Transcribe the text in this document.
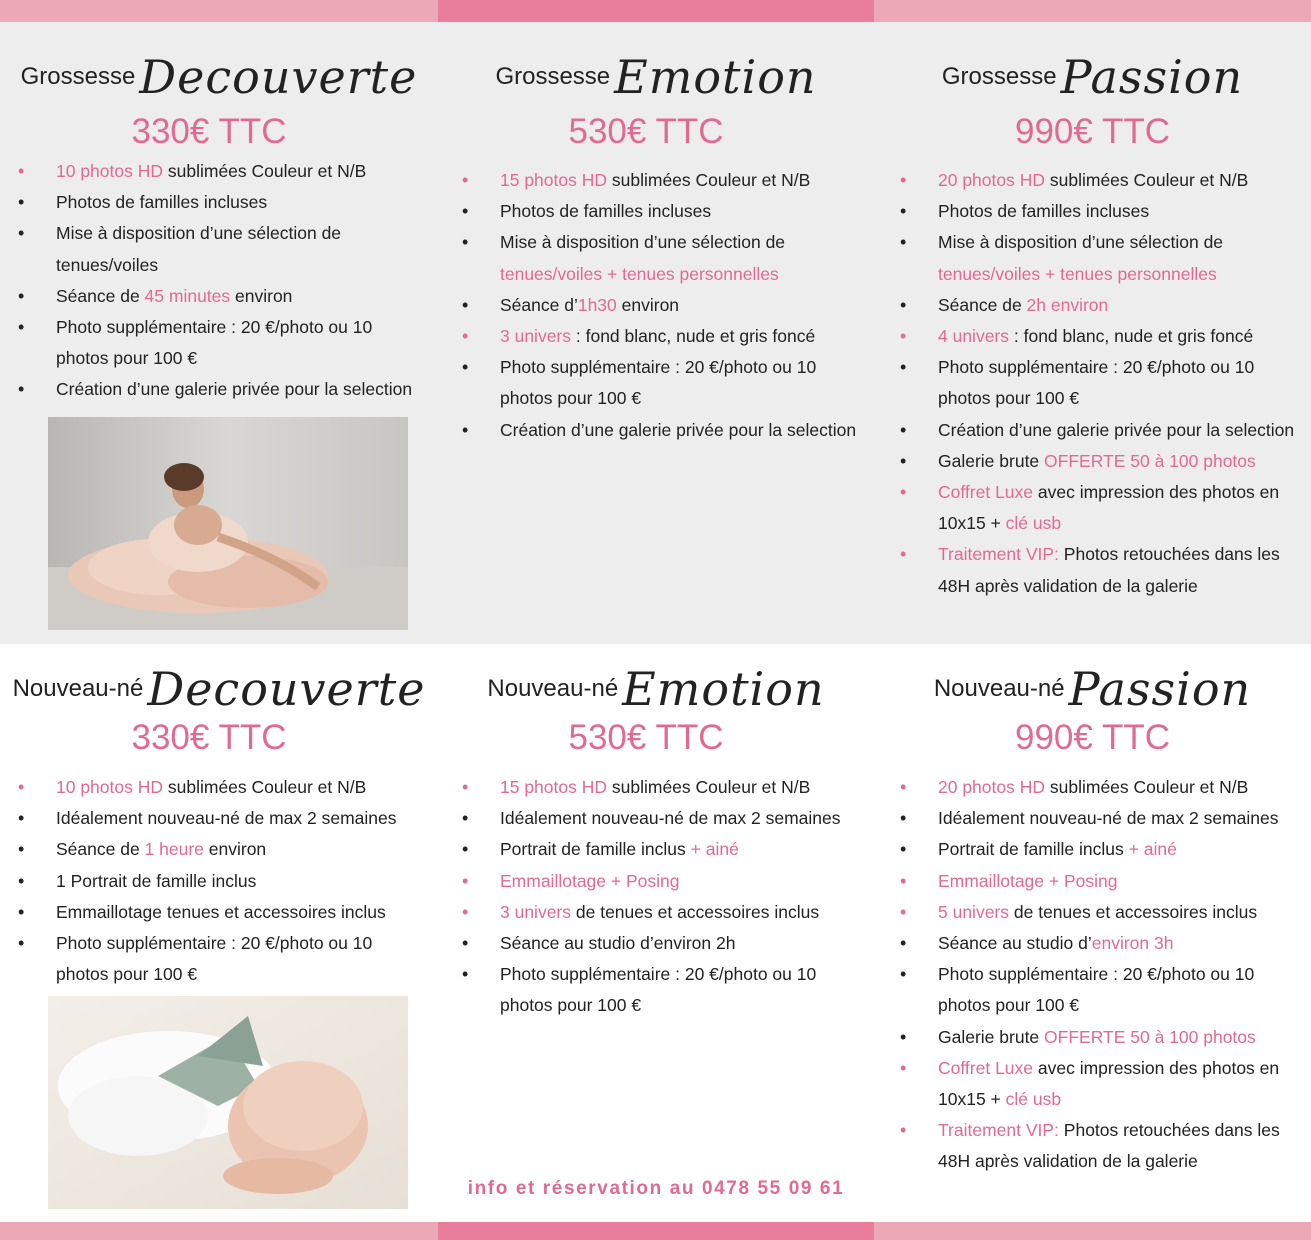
GrossesseDecouverte
330€ TTC
• 10 photos HD sublimées Couleur et N/B
• Photos de familles incluses
• Mise à disposition d’une sélection de tenues/voiles
• Séance de 45 minutes environ
• Photo supplémentaire : 20 €/photo ou 10 photos pour 100 €
• Création d’une galerie privée pour la selection
GrossesseEmotion
530€ TTC
• 15 photos HD sublimées Couleur et N/B
• Photos de familles incluses
• Mise à disposition d’une sélection de tenues/voiles + tenues personnelles
• Séance d’1h30 environ
• 3 univers : fond blanc, nude et gris foncé
• Photo supplémentaire : 20 €/photo ou 10 photos pour 100 €
• Création d’une galerie privée pour la selection
GrossessePassion
990€ TTC
• 20 photos HD sublimées Couleur et N/B
• Photos de familles incluses
• Mise à disposition d’une sélection de tenues/voiles + tenues personnelles
• Séance de 2h environ
• 4 univers : fond blanc, nude et gris foncé
• Photo supplémentaire : 20 €/photo ou 10 photos pour 100 €
• Création d’une galerie privée pour la selection
• Galerie brute OFFERTE 50 à 100 photos
• Coffret Luxe avec impression des photos en 10x15 + clé usb
• Traitement VIP: Photos retouchées dans les 48H après validation de la galerie
Nouveau-néDecouverte
330€ TTC
• 10 photos HD sublimées Couleur et N/B
• Idéalement nouveau-né de max 2 semaines
• Séance de 1 heure environ
• 1 Portrait de famille inclus
• Emmaillotage tenues et accessoires inclus
• Photo supplémentaire : 20 €/photo ou 10 photos pour 100 €
Nouveau-néEmotion
530€ TTC
• 15 photos HD sublimées Couleur et N/B
• Idéalement nouveau-né de max 2 semaines
• Portrait de famille inclus + ainé
• Emmaillotage + Posing
• 3 univers de tenues et accessoires inclus
• Séance au studio d’environ 2h
• Photo supplémentaire : 20 €/photo ou 10 photos pour 100 €
Nouveau-néPassion
990€ TTC
• 20 photos HD sublimées Couleur et N/B
• Idéalement nouveau-né de max 2 semaines
• Portrait de famille inclus + ainé
• Emmaillotage + Posing
• 5 univers de tenues et accessoires inclus
• Séance au studio d’environ 3h
• Photo supplémentaire : 20 €/photo ou 10 photos pour 100 €
• Galerie brute OFFERTE 50 à 100 photos
• Coffret Luxe avec impression des photos en 10x15 + clé usb
• Traitement VIP: Photos retouchées dans les 48H après validation de la galerie
info et réservation au 0478 55 09 61
